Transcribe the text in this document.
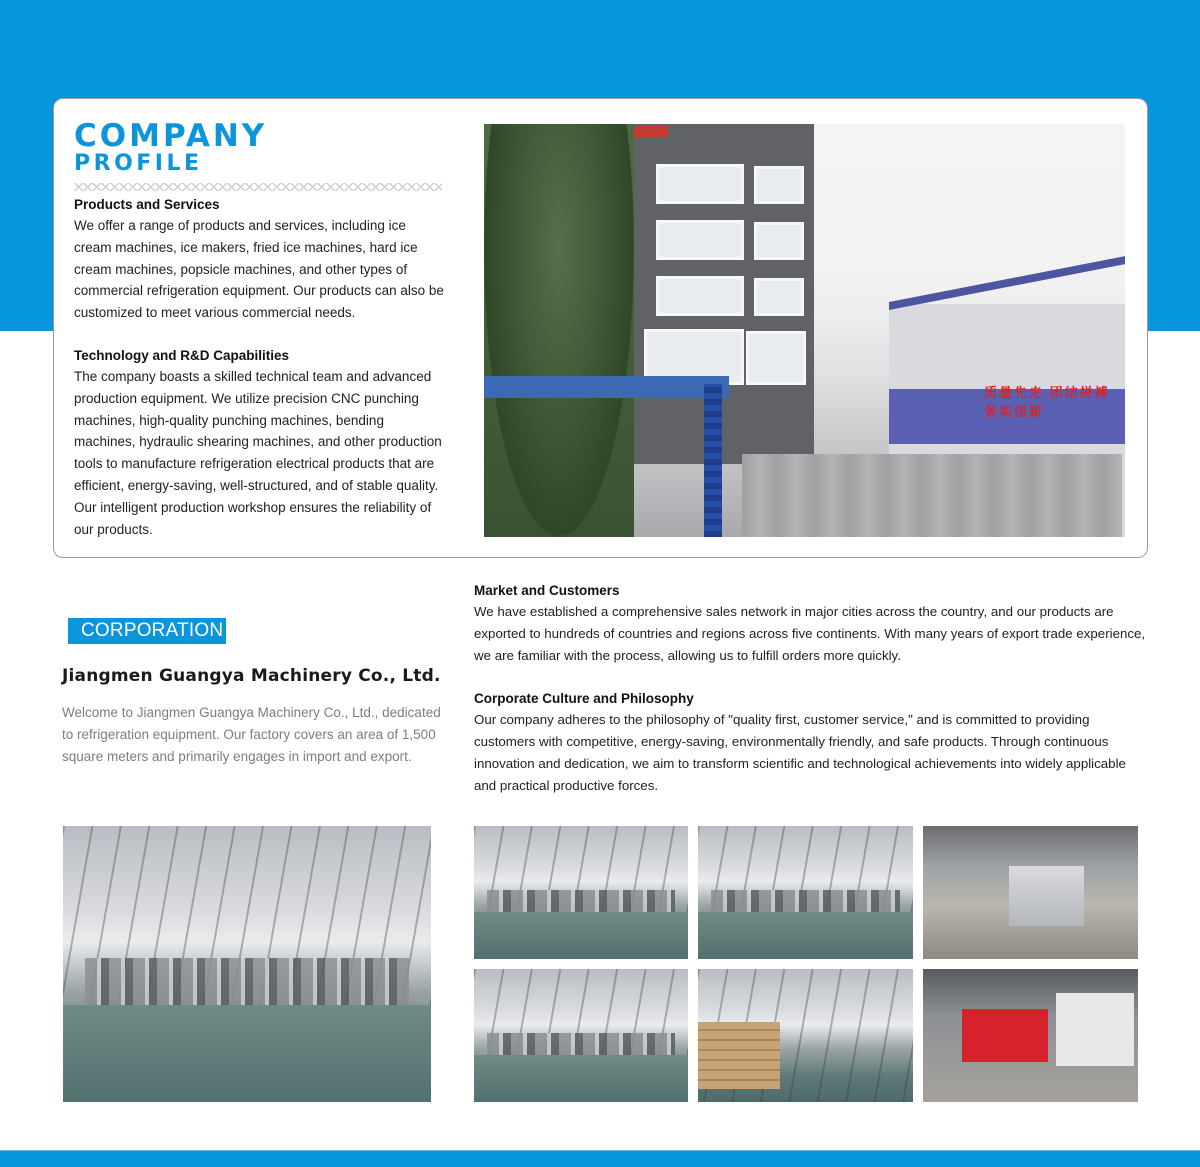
COMPANY
PROFILE
Products and Services
We offer a range of products and services, including ice cream machines, ice makers, fried ice machines, hard ice cream machines, popsicle machines, and other types of commercial refrigeration equipment. Our products can also be customized to meet various commercial needs.
Technology and R&D Capabilities
The company boasts a skilled technical team and advanced production equipment. We utilize precision CNC punching machines, high-quality punching machines, bending machines, hydraulic shearing machines, and other production tools to manufacture refrigeration electrical products that are efficient, energy-saving, well-structured, and of stable quality.
Our intelligent production workshop ensures the reliability of our products.
质量先走 团结拼搏 务实创新
CORPORATION
Jiangmen Guangya Machinery Co., Ltd.
Welcome to Jiangmen Guangya Machinery Co., Ltd., dedicated to refrigeration equipment. Our factory covers an area of 1,500 square meters and primarily engages in import and export.
Market and Customers
We have established a comprehensive sales network in major cities across the country, and our products are exported to hundreds of countries and regions across five continents. With many years of export trade experience, we are familiar with the process, allowing us to fulfill orders more quickly.
Corporate Culture and Philosophy
Our company adheres to the philosophy of "quality first, customer service," and is committed to providing customers with competitive, energy-saving, environmentally friendly, and safe products. Through continuous innovation and dedication, we aim to transform scientific and technological achievements into widely applicable and practical productive forces.
